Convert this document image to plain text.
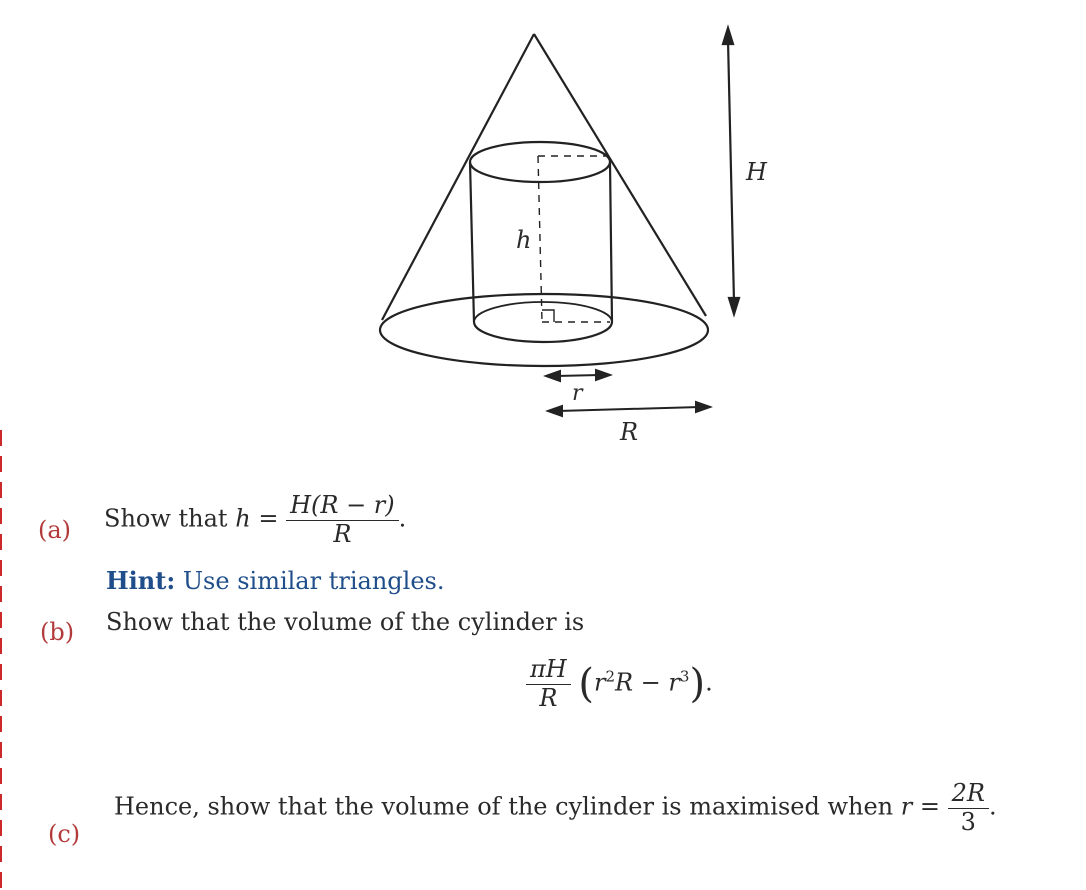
h
H
r
R
(a) Show that $h = \frac{H(R - r)}{R}$ .
Hint: Use similar triangles.
(b) Show that the volume of the cylinder is
$\frac{\pi H}{R} (r^2R - r^3)$.
(c)
Hence, show that the volume of the cylinder is maximised when $r = \frac{2R}{3}$ .
